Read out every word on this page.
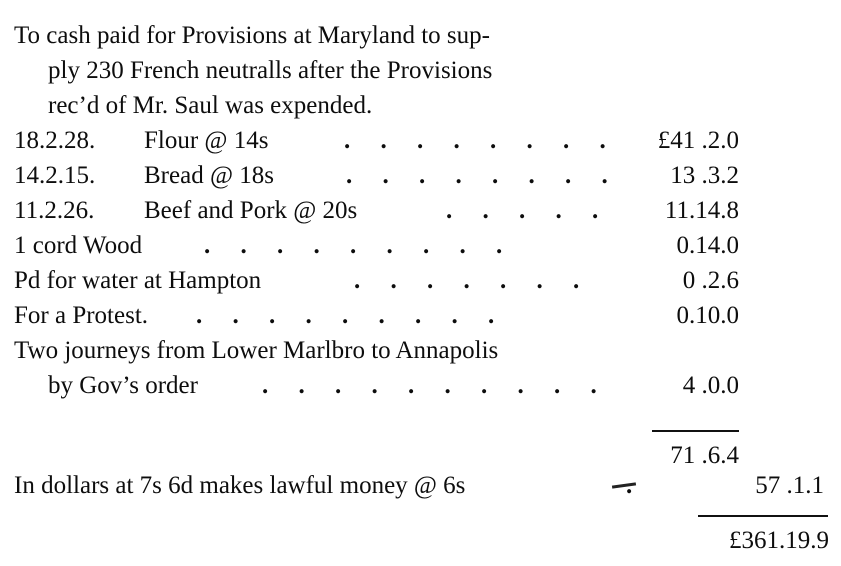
To cash paid for Provisions at Maryland to sup-
ply 230 French neutralls after the Provisions
rec’d of Mr. Saul was expended.
18.2.28.	Flour @ 14s	. . . . . . . .	£41 .2.0
14.2.15.	Bread @ 18s	. . . . . . . .	13 .3.2
11.2.26.	Beef and Pork @ 20s	. . . . .	11.14.8
1 cord Wood . . . . . . . . .	0.14.0
Pd for water at Hampton	. . . . . . .	0 .2.6
For a Protest. . . . . . . . . .	0.10.0
Two journeys from Lower Marlbro to Annapolis
by Gov’s order	. . . . . . . . . .	4 .0.0
71 .6.4
In dollars at 7s 6d makes lawful money @ 6s	57 .1.1
£361.19.9
